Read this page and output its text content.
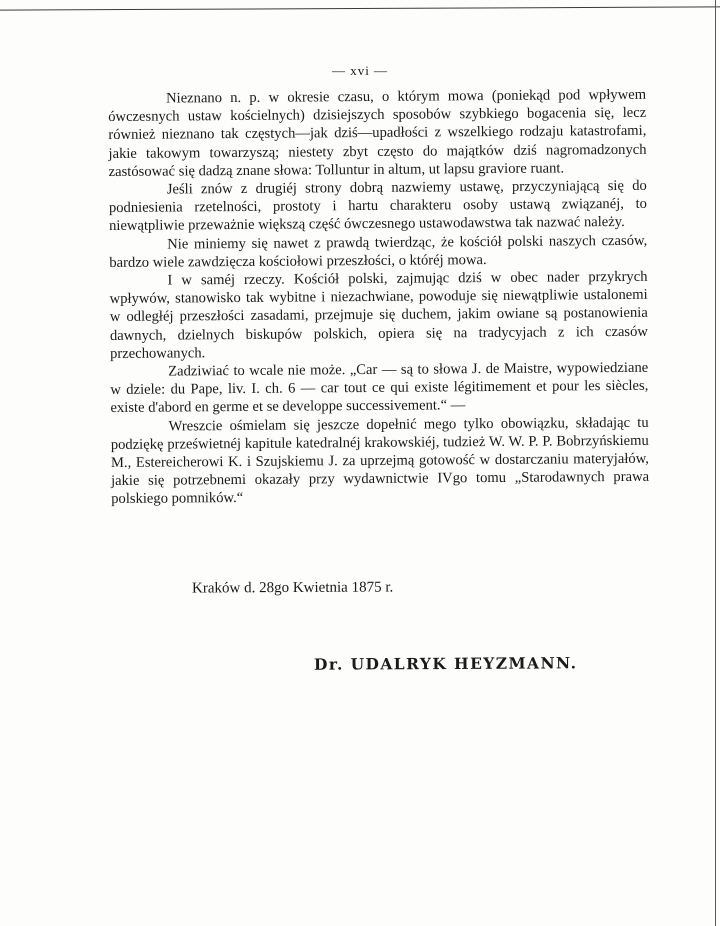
— xvi —

Nieznano n. p. w okresie czasu, o którym mowa (poniekąd pod wpływem ówczesnych ustaw kościelnych) dzisiejszych sposobów szybkiego bogacenia się, lecz również nieznano tak częstych—jak dziś—upadłości z wszelkiego rodzaju katastrofami, jakie takowym towarzyszą; niestety zbyt często do majątków dziś nagromadzonych zastósować się dadzą znane słowa: Tolluntur in altum, ut lapsu graviore ruant.

Jeśli znów z drugiéj strony dobrą nazwiemy ustawę, przyczyniającą się do podniesienia rzetelności, prostoty i hartu charakteru osoby ustawą związanéj, to niewątpliwie przeważnie większą część ówczesnego ustawodawstwa tak nazwać należy.

Nie miniemy się nawet z prawdą twierdząc, że kościół polski naszych czasów, bardzo wiele zawdzięcza kościołowi przeszłości, o któréj mowa.

I w saméj rzeczy. Kościół polski, zajmując dziś w obec nader przykrych wpływów, stanowisko tak wybitne i niezachwiane, powoduje się niewątpliwie ustalonemi w odległéj przeszłości zasadami, przejmuje się duchem, jakim owiane są postanowienia dawnych, dzielnych biskupów polskich, opiera się na tradycyjach z ich czasów przechowanych.

Zadziwiać to wcale nie może. „Car — są to słowa J. de Maistre, wypowiedziane w dziele: du Pape, liv. I. ch. 6 — car tout ce qui existe légitimement et pour les siècles, existe d'abord en germe et se developpe successivement.“ —

Wreszcie ośmielam się jeszcze dopełnić mego tylko obowiązku, składając tu podziękę prześwietnéj kapitule katedralnéj krakowskiéj, tudzież W. W. P. P. Bobrzyńskiemu M., Estereicherowi K. i Szujskiemu J. za uprzejmą gotowość w dostarczaniu materyjałów, jakie się potrzebnemi okazały przy wydawnictwie IVgo tomu „Starodawnych prawa polskiego pomników.“

Kraków d. 28go Kwietnia 1875 r.
Dr. UDALRYK HEYZMANN.
